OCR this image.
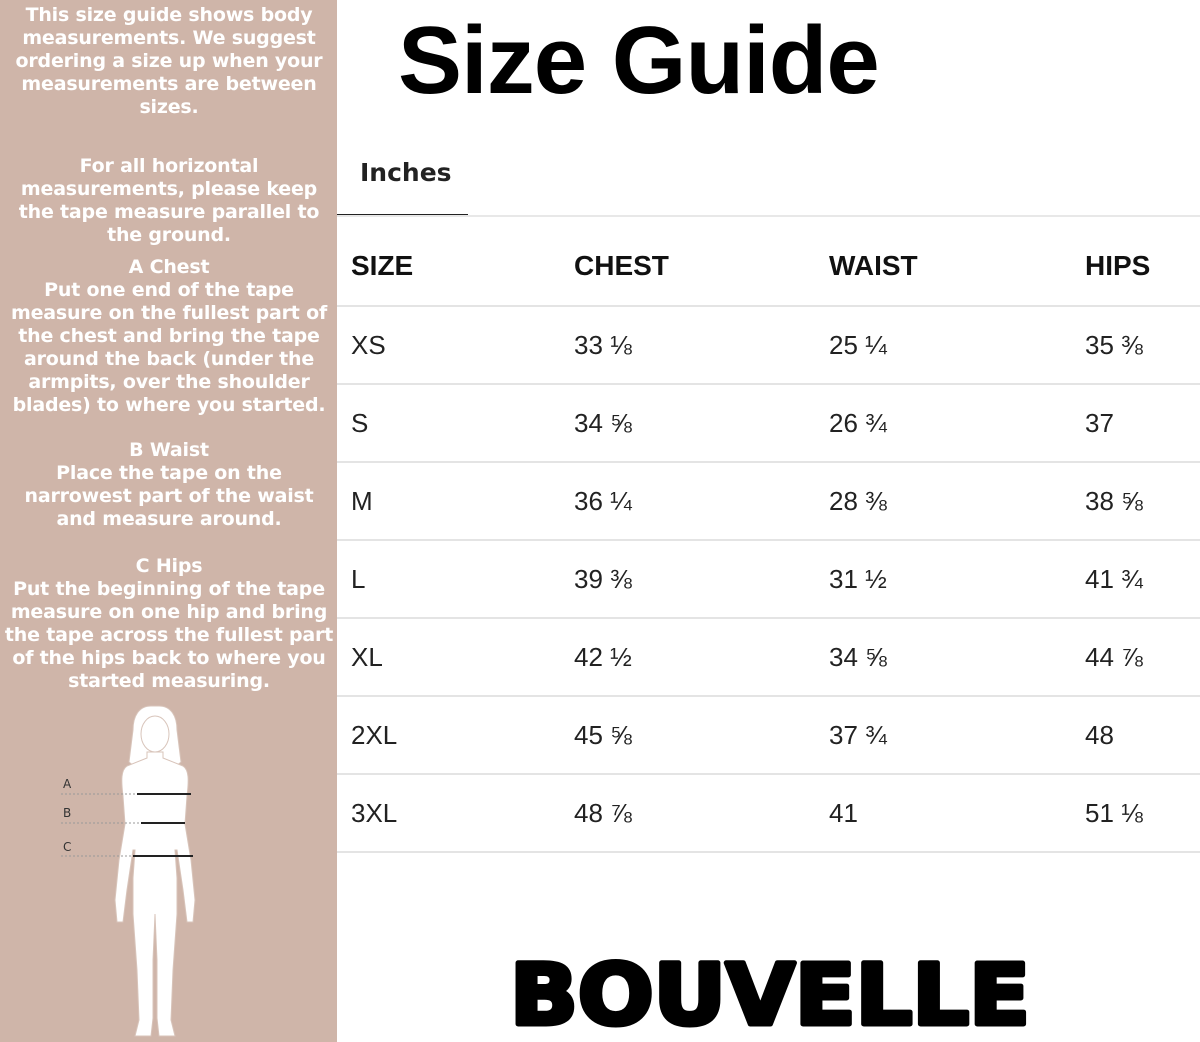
This size guide shows body measurements. We suggest ordering a size up when your measurements are between sizes.

For all horizontal measurements, please keep the tape measure parallel to the ground.

A Chest
Put one end of the tape measure on the fullest part of the chest and bring the tape around the back (under the armpits, over the shoulder blades) to where you started.

B Waist
Place the tape on the narrowest part of the waist and measure around.

C Hips
Put the beginning of the tape measure on one hip and bring the tape across the fullest part of the hips back to where you started measuring.

A
B
C
Size Guide
Inches
SIZE	CHEST	WAIST	HIPS
XS	33 ⅛	25 ¼	35 ⅜
S	34 ⅝	26 ¾	37
M	36 ¼	28 ⅜	38 ⅝
L	39 ⅜	31 ½	41 ¾
XL	42 ½	34 ⅝	44 ⅞
2XL	45 ⅝	37 ¾	48
3XL	48 ⅞	41	51 ⅛
BOUVELLE
